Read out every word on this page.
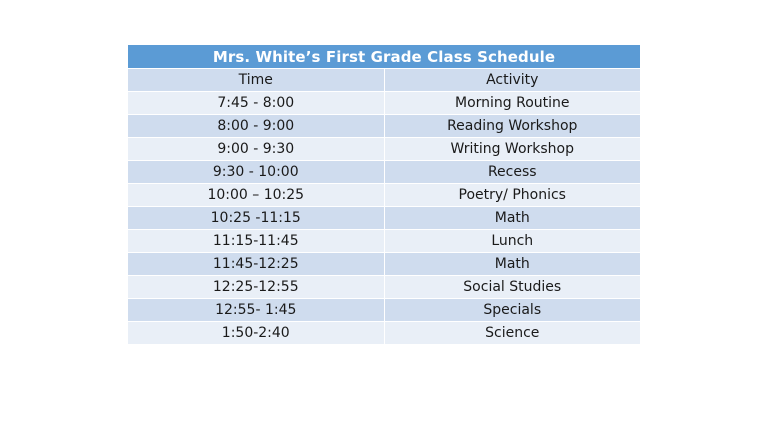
Mrs. White’s First Grade Class Schedule	
Time	Activity
7:45 - 8:00	Morning Routine
8:00 - 9:00	Reading Workshop
9:00 - 9:30	Writing Workshop
9:30 - 10:00	Recess
10:00 – 10:25	Poetry/ Phonics
10:25 -11:15	Math
11:15-11:45	Lunch
11:45-12:25	Math
12:25-12:55	Social Studies
12:55- 1:45	Specials
1:50-2:40	Science
